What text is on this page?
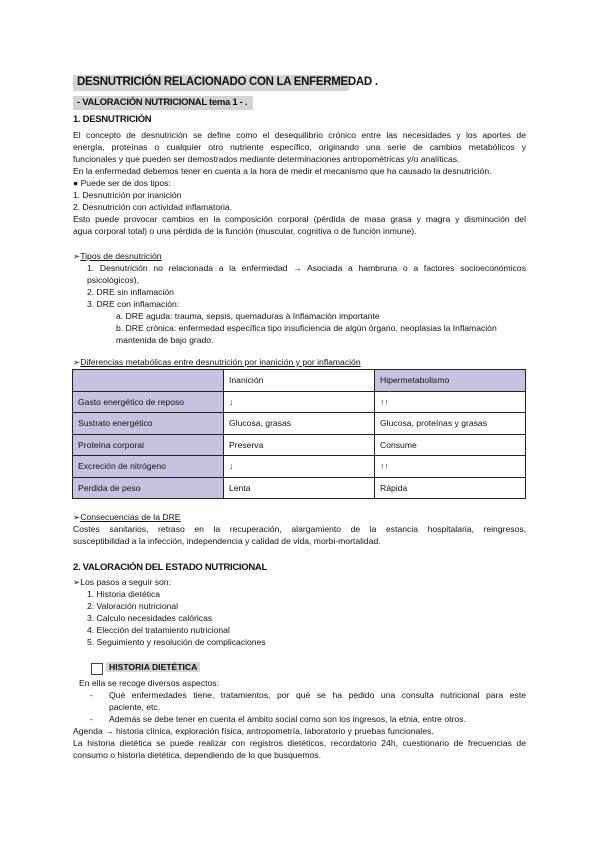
DESNUTRICIÓN RELACIONADO CON LA ENFERMEDAD .
- VALORACIÓN NUTRICIONAL tema 1 - .
1. DESNUTRICIÓN
El concepto de desnutrición se define como el desequilibrio crónico entre las necesidades y los aportes de
energía, proteínas o cualquier otro nutriente específico, originando una serie de cambios metabólicos y
funcionales y que pueden ser demostrados mediante determinaciones antropométricas y/o analíticas.
En la enfermedad debemos tener en cuenta a la hora de medir el mecanismo que ha causado la desnutrición.
● Puede ser de dos tipos:
1. Desnutrición por inanición
2. Desnutrición con actividad inflamatoria.
Esto puede provocar cambios en la composición corporal (pérdida de masa grasa y magra y disminución del
agua corporal total) o una pérdida de la función (muscular, cognitiva o de función inmune).
➢Tipos de desnutrición
1. Desnutrición no relacionada a la enfermedad → Asociada a hambruna o a factores socioeconómicos
psicológicos),
2. DRE sin inflamación
3. DRE con inflamación:
a. DRE aguda: trauma, sepsis, quemaduras à Inflamación importante
b. DRE crónica: enfermedad específica tipo insuficiencia de algún órgano, neoplasias la Inflamación
mantenida de bajo grado.
➢Diferencias metabólicas entre desnutrición por inanición y por inflamación
	Inanición	Hipermetabolismo
Gasto energético de reposo	↓	↑↑
Sustrato energético	Glucosa, grasas	Glucosa, proteínas y grasas
Proteína corporal	Preserva	Consume
Excreción de nitrógeno	↓	↑↑
Perdida de peso	Lenta	Rápida
➢Consecuencias de la DRE
Costes sanitarios, retraso en la recuperación, alargamiento de la estancia hospitalaria, reingresos,
susceptibilidad a la infección, independencia y calidad de vida, morbi-mortalidad.
2. VALORACIÓN DEL ESTADO NUTRICIONAL
➢Los pasos a seguir son:
1. Historia dietética
2. Valoración nutricional
3. Calculo necesidades calóricas
4. Elección del tratamiento nutricional
5. Seguimiento y resolución de complicaciones
HISTORIA DIETÉTICA
En ella se recoge diversos aspectos:
- Qué enfermedades tiene, tratamientos, por qué se ha pedido una consulta nutricional para este
paciente, etc.
- Además se debe tener en cuenta el ámbito social como son los ingresos, la etnia, entre otros.
Agenda → historia clínica, exploración física, antropometría, laboratorio y pruebas funcionales.
La historia dietética se puede realizar con registros dietéticos, recordatorio 24h, cuestionario de frecuencias de
consumo o historia dietética, dependiendo de lo que busquemos.
